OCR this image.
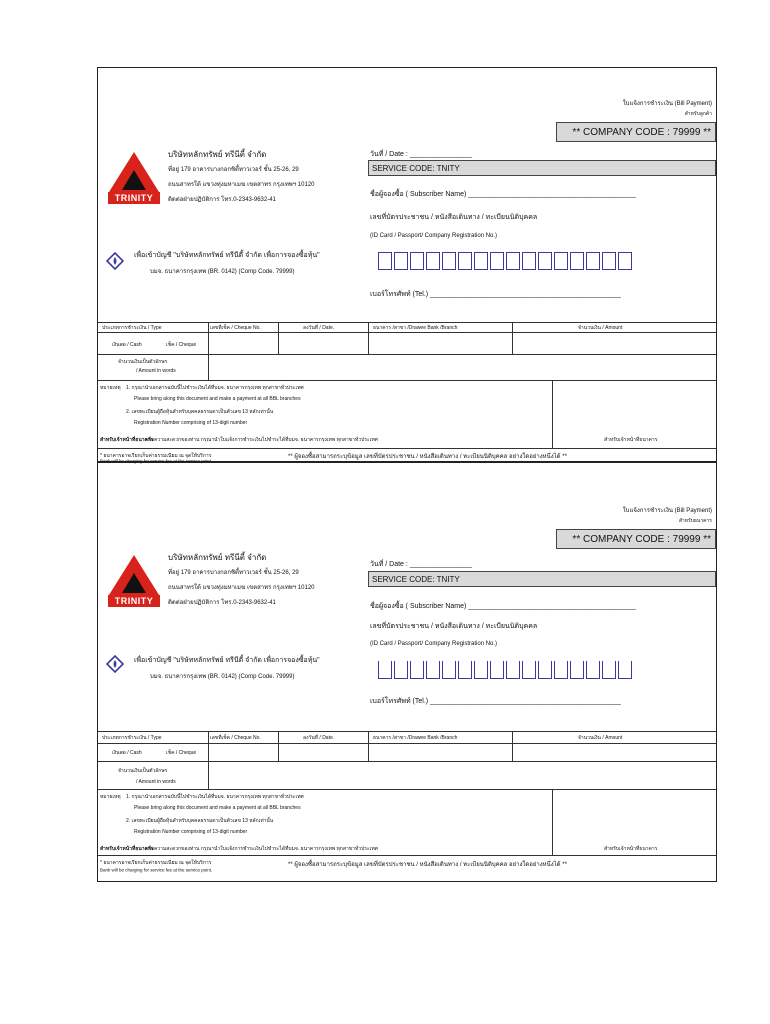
ใบแจ้งการชำระเงิน (Bill Payment)
สำหรับลูกค้า
** COMPANY CODE : 79999 **
TRINITY
บริษัทหลักทรัพย์ ทรีนีตี้ จำกัด
ที่อยู่ 179 อาคารบางกอกซิตี้ทาวเวอร์ ชั้น 25-26, 29
ถนนสาทรใต้ แขวงทุ่งมหาเมฆ เขตสาทร กรุงเทพฯ 10120
ติดต่อฝ่ายปฏิบัติการ โทร.0-2343-9632-41
เพื่อเข้าบัญชี "บริษัทหลักทรัพย์ ทรีนีตี้ จำกัด เพื่อการจองซื้อหุ้น"
บมจ. ธนาคารกรุงเทพ (BR. 0142) (Comp Code. 79999)
วันที่ / Date : ________________
SERVICE CODE: TNITY
ชื่อผู้จองซื้อ ( Subscriber Name) ___________________________________________
เลขที่บัตรประชาชน / หนังสือเดินทาง / ทะเบียนนิติบุคคล
(ID Card / Passport/ Company Registration No.)
เบอร์โทรศัพท์ (Tel.) _________________________________________________
ประเภทการชำระเงิน / Type	เลขที่เช็ค / Cheque No.	ลงวันที่ / Date.	ธนาคาร /สาขา /Drawee Bank /Branch	จำนวนเงิน / Amount
เงินสด / Cash	เช็ค / Cheque
จำนวนเงินเป็นตัวอักษร
/ Amount in words
หมายเหตุ 1. กรุณานำเอกสารฉบับนี้ไปชำระเงินได้ที่บมจ. ธนาคารกรุงเทพ ทุกสาขาทั่วประเทศ
Please bring along this document and make a payment at all BBL branches
2. เลขทะเบียนผู้ถือหุ้นสำหรับบุคคลธรรมดาเป็นตัวเลข 13 หลักเท่านั้น
Registration Number comprising of 13-digit number
สำหรับเจ้าหน้าที่ธนาคาร
เพื่อความสะดวกของท่าน กรุณานำใบแจ้งการชำระเงินไปชำระได้ที่บมจ. ธนาคารกรุงเทพ ทุกสาขาทั่วประเทศ	สำหรับเจ้าหน้าที่ธนาคาร
* ธนาคารอาจเรียกเก็บค่าธรรมเนียม ณ จุดให้บริการ
Bank will be charging for service fee at the service point.
** ผู้จองซื้อสามารถระบุข้อมูล เลขที่บัตรประชาชน / หนังสือเดินทาง / ทะเบียนนิติบุคคล อย่างใดอย่างหนึ่งได้ **
ใบแจ้งการชำระเงิน (Bill Payment)
สำหรับธนาคาร
** COMPANY CODE : 79999 **
TRINITY
บริษัทหลักทรัพย์ ทรีนีตี้ จำกัด
ที่อยู่ 179 อาคารบางกอกซิตี้ทาวเวอร์ ชั้น 25-26, 29
ถนนสาทรใต้ แขวงทุ่งมหาเมฆ เขตสาทร กรุงเทพฯ 10120
ติดต่อฝ่ายปฏิบัติการ โทร.0-2343-9632-41
เพื่อเข้าบัญชี "บริษัทหลักทรัพย์ ทรีนีตี้ จำกัด เพื่อการจองซื้อหุ้น"
บมจ. ธนาคารกรุงเทพ (BR. 0142) (Comp Code. 79999)
วันที่ / Date : ________________
SERVICE CODE: TNITY
ชื่อผู้จองซื้อ ( Subscriber Name) ___________________________________________
เลขที่บัตรประชาชน / หนังสือเดินทาง / ทะเบียนนิติบุคคล
(ID Card / Passport/ Company Registration No.)
เบอร์โทรศัพท์ (Tel.) _________________________________________________
ประเภทการชำระเงิน / Type	เลขที่เช็ค / Cheque No.	ลงวันที่ / Date.	ธนาคาร /สาขา /Drawee Bank /Branch	จำนวนเงิน / Amount
เงินสด / Cash	เช็ค / Cheque
จำนวนเงินเป็นตัวอักษร
/ Amount in words
หมายเหตุ 1. กรุณานำเอกสารฉบับนี้ไปชำระเงินได้ที่บมจ. ธนาคารกรุงเทพ ทุกสาขาทั่วประเทศ
Please bring along this document and make a payment at all BBL branches
2. เลขทะเบียนผู้ถือหุ้นสำหรับบุคคลธรรมดาเป็นตัวเลข 13 หลักเท่านั้น
Registration Number comprising of 13-digit number
สำหรับเจ้าหน้าที่ธนาคาร
เพื่อความสะดวกของท่าน กรุณานำใบแจ้งการชำระเงินไปชำระได้ที่บมจ. ธนาคารกรุงเทพ ทุกสาขาทั่วประเทศ	สำหรับเจ้าหน้าที่ธนาคาร
* ธนาคารอาจเรียกเก็บค่าธรรมเนียม ณ จุดให้บริการ
Bank will be charging for service fee at the service point.
** ผู้จองซื้อสามารถระบุข้อมูล เลขที่บัตรประชาชน / หนังสือเดินทาง / ทะเบียนนิติบุคคล อย่างใดอย่างหนึ่งได้ **
